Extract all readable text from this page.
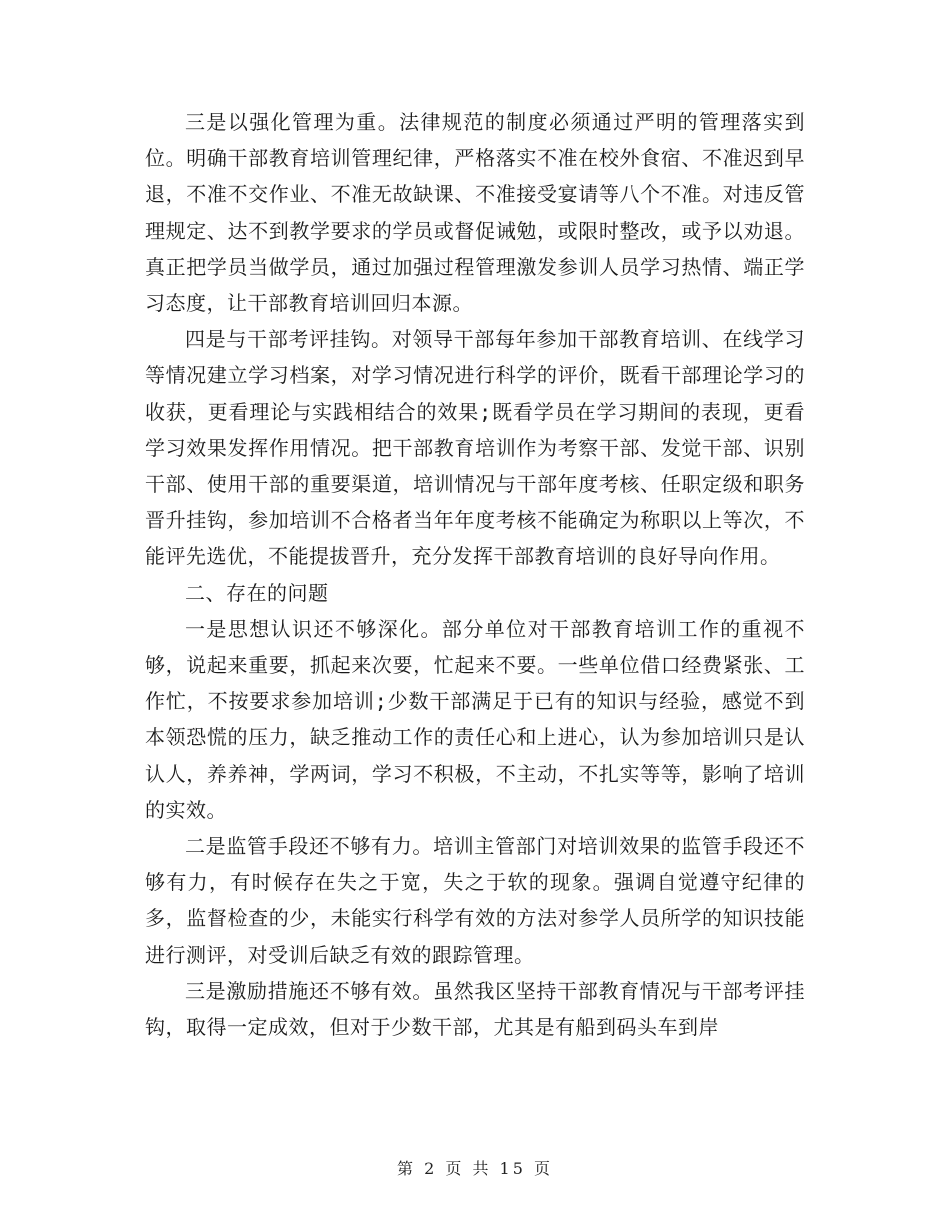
三是以强化管理为重。法律规范的制度必须通过严明的管理落实到位。明确干部教育培训管理纪律，严格落实不准在校外食宿、不准迟到早退，不准不交作业、不准无故缺课、不准接受宴请等八个不准。对违反管理规定、达不到教学要求的学员或督促诫勉，或限时整改，或予以劝退。真正把学员当做学员，通过加强过程管理激发参训人员学习热情、端正学习态度，让干部教育培训回归本源。

四是与干部考评挂钩。对领导干部每年参加干部教育培训、在线学习等情况建立学习档案，对学习情况进行科学的评价，既看干部理论学习的收获，更看理论与实践相结合的效果;既看学员在学习期间的表现，更看学习效果发挥作用情况。把干部教育培训作为考察干部、发觉干部、识别干部、使用干部的重要渠道，培训情况与干部年度考核、任职定级和职务晋升挂钩，参加培训不合格者当年年度考核不能确定为称职以上等次，不能评先选优，不能提拔晋升，充分发挥干部教育培训的良好导向作用。

二、存在的问题

一是思想认识还不够深化。部分单位对干部教育培训工作的重视不够，说起来重要，抓起来次要，忙起来不要。一些单位借口经费紧张、工作忙，不按要求参加培训;少数干部满足于已有的知识与经验，感觉不到本领恐慌的压力，缺乏推动工作的责任心和上进心，认为参加培训只是认认人，养养神，学两词，学习不积极，不主动，不扎实等等，影响了培训的实效。

二是监管手段还不够有力。培训主管部门对培训效果的监管手段还不够有力，有时候存在失之于宽，失之于软的现象。强调自觉遵守纪律的多，监督检查的少，未能实行科学有效的方法对参学人员所学的知识技能进行测评，对受训后缺乏有效的跟踪管理。

三是激励措施还不够有效。虽然我区坚持干部教育情况与干部考评挂钩，取得一定成效，但对于少数干部，尤其是有船到码头车到岸

第 2 页 共 15 页
